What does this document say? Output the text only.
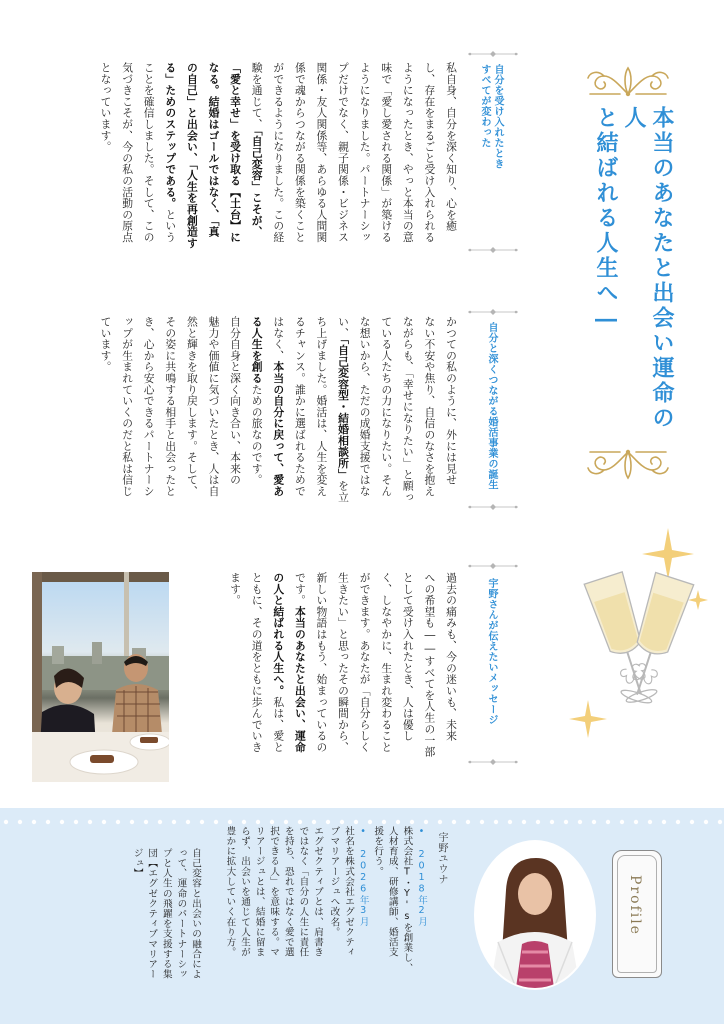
本当のあなたと出会い運命の人
と結ばれる人生へ―
自分を受け入れたとき
すべてが変わった
私自身、自分を深く知り、心を癒
し、存在をまるごと受け入れられる
ようになったとき、やっと本当の意
味で「愛し愛される関係」が築ける
ようになりました。パートナーシッ
プだけでなく、親子関係・ビジネス
関係・友人関係等、あらゆる人間関
係で魂からつながる関係を築くこと
ができるようになりました。この経
験を通じて、「自己変容」こそが、
「愛と幸せ」を受け取る【土台】に
なる。結婚はゴールではなく、「真
の自己」と出会い、「人生を再創造す
る」ためのステップである。という
ことを確信しました。そして、この
気づきこそが、今の私の活動の原点
となっています。
自分と深くつながる婚活事業の誕生
かつての私のように、外には見せ
ない不安や焦り、自信のなさを抱え
ながらも、「幸せになりたい」と願っ
ている人たちの力になりたい。そん
な想いから、ただの成婚支援ではな
い、「自己変容型・結婚相談所」を立
ち上げました。婚活は、人生を変え
るチャンス。誰かに選ばれるためで
はなく、本当の自分に戻って、愛あ
る人生を創るための旅なのです。
自分自身と深く向き合い、本来の
魅力や価値に気づいたとき、人は自
然と輝きを取り戻します。そして、
その姿に共鳴する相手と出会ったと
き、心から安心できるパートナーシ
ップが生まれていくのだと私は信じ
ています。
宇野さんが伝えたいメッセージ
過去の痛みも、今の迷いも、未来
への希望も――すべてを人生の一部
として受け入れたとき、人は優し
く、しなやかに、生まれ変わること
ができます。あなたが「自分らしく
生きたい」と思ったその瞬間から、
新しい物語はもう、始まっているの
です。本当のあなたと出会い、運命
の人と結ばれる人生へ。私は、愛と
ともに、その道をともに歩んでいき
ます。
Profile
宇野ユウナ
• 2018年2月
株式会社T・Y'sを創業し、
人材育成、研修講師、婚活支
援を行う。
• 2026年3月
社名を株式会社エグゼクティ
ブマリアージュへ改名。
エグゼクティブとは、肩書き
ではなく「自分の人生に責任
を持ち、恐れではなく愛で選
択できる人」を意味する。マ
リアージュとは、結婚に留ま
らず、出会いを通じて人生が
豊かに拡大していく在り方。
自己変容と出会いの融合によ
って、運命のパートナーシッ
プと人生の飛躍を支援する集
団【エグゼクティブマリアー
ジュ】
